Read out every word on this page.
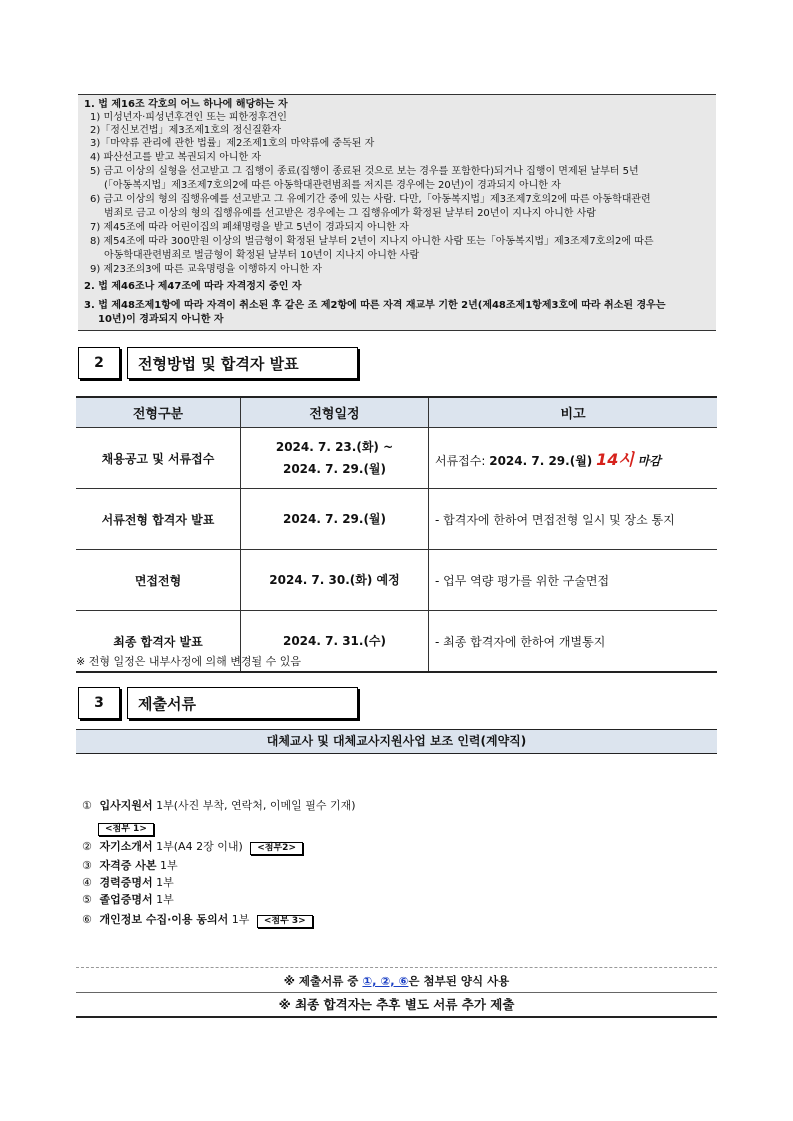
1. 법 제16조 각호의 어느 하나에 해당하는 자
1) 미성년자·피성년후견인 또는 피한정후견인
2)「정신보건법」제3조제1호의 정신질환자
3)「마약류 관리에 관한 법률」제2조제1호의 마약류에 중독된 자
4) 파산선고를 받고 복권되지 아니한 자
5) 금고 이상의 실형을 선고받고 그 집행이 종료(집행이 종료된 것으로 보는 경우를 포함한다)되거나 집행이 면제된 날부터 5년
(「아동복지법」제3조제7호의2에 따른 아동학대관련범죄를 저지른 경우에는 20년)이 경과되지 아니한 자
6) 금고 이상의 형의 집행유예를 선고받고 그 유예기간 중에 있는 사람. 다만,「아동복지법」제3조제7호의2에 따른 아동학대관련
범죄로 금고 이상의 형의 집행유예를 선고받은 경우에는 그 집행유예가 확정된 날부터 20년이 지나지 아니한 사람
7) 제45조에 따라 어린이집의 폐쇄명령을 받고 5년이 경과되지 아니한 자
8) 제54조에 따라 300만원 이상의 벌금형이 확정된 날부터 2년이 지나지 아니한 사람 또는「아동복지법」제3조제7호의2에 따른
아동학대관련범죄로 벌금형이 확정된 날부터 10년이 지나지 아니한 사람
9) 제23조의3에 따른 교육명령을 이행하지 아니한 자
2. 법 제46조나 제47조에 따라 자격정지 중인 자
3. 법 제48조제1항에 따라 자격이 취소된 후 같은 조 제2항에 따른 자격 재교부 기한 2년(제48조제1항제3호에 따라 취소된 경우는
10년)이 경과되지 아니한 자
2	전형방법 및 합격자 발표
전형구분	전형일정	비고
채용공고 및 서류접수	2024. 7. 23.(화) ~
2024. 7. 29.(월)	서류접수: 2024. 7. 29.(월) 14시 마감
서류전형 합격자 발표	2024. 7. 29.(월)	- 합격자에 한하여 면접전형 일시 및 장소 통지
면접전형	2024. 7. 30.(화) 예정	- 업무 역량 평가를 위한 구술면접
최종 합격자 발표	2024. 7. 31.(수)	- 최종 합격자에 한하여 개별통지
※ 전형 일정은 내부사정에 의해 변경될 수 있음
3	제출서류
대체교사 및 대체교사지원사업 보조 인력(계약직)
① 입사지원서 1부(사진 부착, 연락처, 이메일 필수 기재)
<첨부 1>
② 자기소개서 1부(A4 2장 이내) <첨부2>
③ 자격증 사본 1부
④ 경력증명서 1부
⑤ 졸업증명서 1부
⑥ 개인정보 수집·이용 동의서 1부 <첨부 3>
※ 제출서류 중 ①, ②, ⑥은 첨부된 양식 사용
※ 최종 합격자는 추후 별도 서류 추가 제출
